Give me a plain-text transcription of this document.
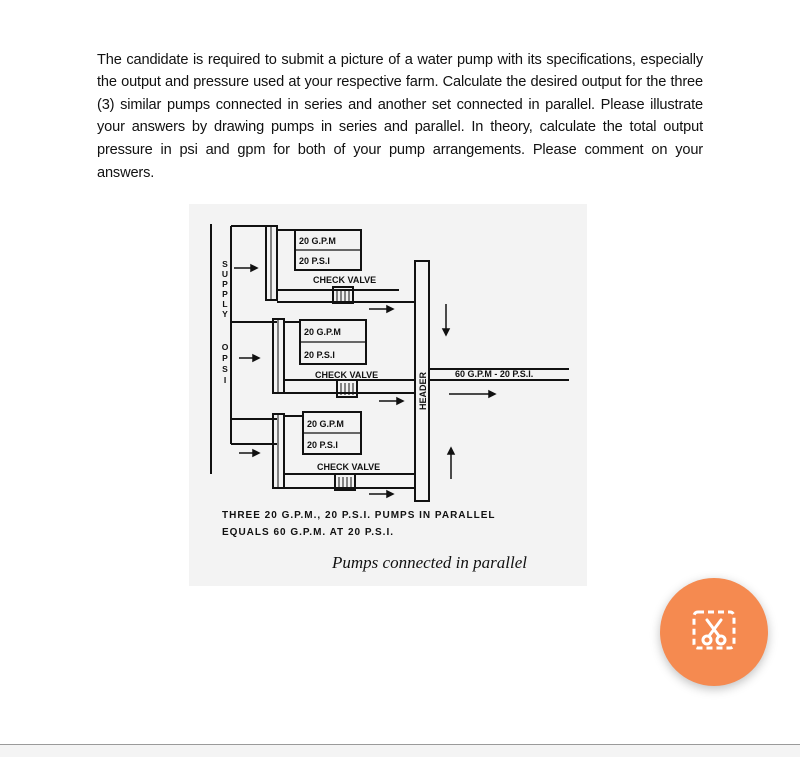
The candidate is required to submit a picture of a water pump with its specifications, especially the output and pressure used at your respective farm. Calculate the desired output for the three (3) similar pumps connected in series and another set connected in parallel. Please illustrate your answers by drawing pumps in series and parallel. In theory, calculate the total output pressure in psi and gpm for both of your pump arrangements. Please comment on your answers.

S
U
P
P
L
Y
O
P
S
I
20 G.P.M
20 P.S.I
CHECK VALVE
20 G.P.M
20 P.S.I
CHECK VALVE
20 G.P.M
20 P.S.I
CHECK VALVE
60 G.P.M - 20 P.S.I.
HEADER
THREE 20 G.P.M., 20 P.S.I. PUMPS IN PARALLEL
EQUALS 60 G.P.M. AT 20 P.S.I.
Pumps connected in parallel
